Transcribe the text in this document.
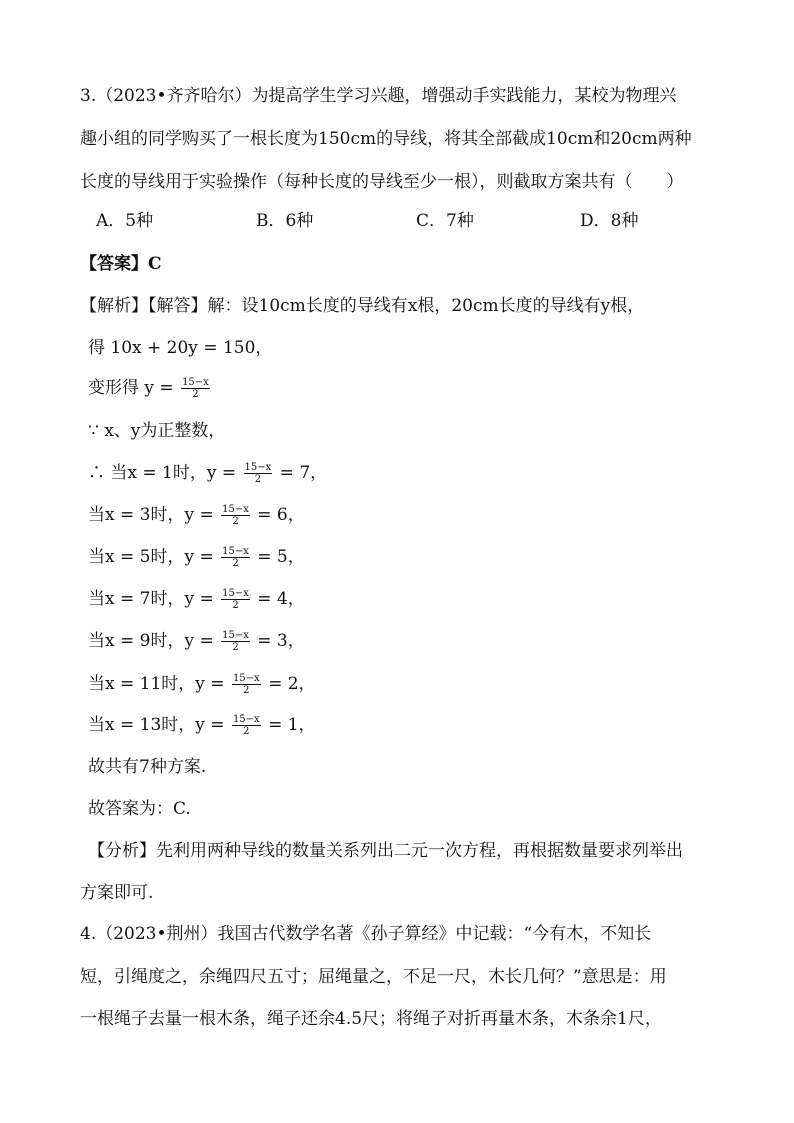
3.（2023•齐齐哈尔）为提高学生学习兴趣，增强动手实践能力，某校为物理兴
趣小组的同学购买了一根长度为150cm的导线，将其全部截成10cm和20cm两种
长度的导线用于实验操作（每种长度的导线至少一根），则截取方案共有（　　）
A．5种	B．6种	C．7种	D．8种
【答案】C
【解析】【解答】解：设10cm长度的导线有x根，20cm长度的导线有y根，
得 10x + 20y = 150，
变形得 $y = \frac{15-x}{2}$
∵ x、y为正整数，
∴ 当x = 1时，$y = \frac{15-x}{2} = 7$，
当x = 3时，$y = \frac{15-x}{2} = 6$，
当x = 5时，$y = \frac{15-x}{2} = 5$，
当x = 7时，$y = \frac{15-x}{2} = 4$，
当x = 9时，$y = \frac{15-x}{2} = 3$，
当x = 11时，$y = \frac{15-x}{2} = 2$，
当x = 13时，$y = \frac{15-x}{2} = 1$，
故共有7种方案.
故答案为：C.
【分析】先利用两种导线的数量关系列出二元一次方程，再根据数量要求列举出
方案即可.
4.（2023•荆州）我国古代数学名著《孙子算经》中记载：“今有木，不知长
短，引绳度之，余绳四尺五寸；屈绳量之，不足一尺，木长几何？”意思是：用
一根绳子去量一根木条，绳子还余4.5尺；将绳子对折再量木条，木条余1尺，
